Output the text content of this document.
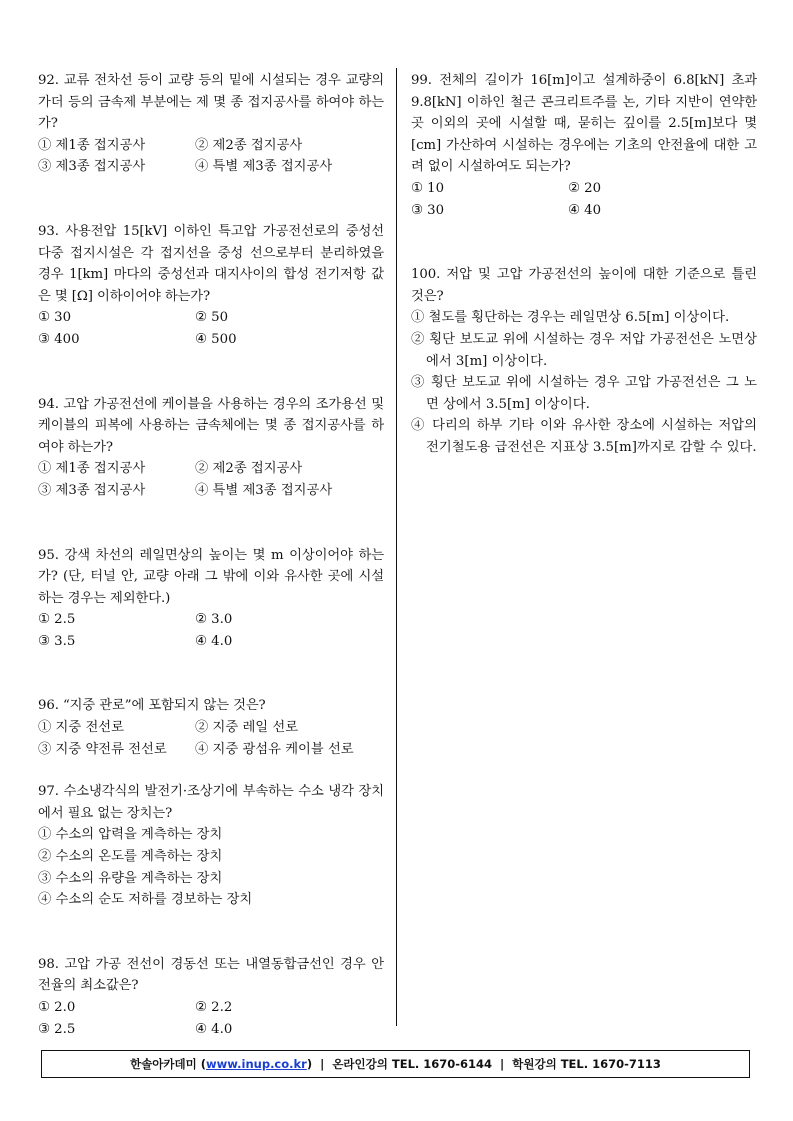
92. 교류 전차선 등이 교량 등의 밑에 시설되는 경우 교량의 가더 등의 금속제 부분에는 제 몇 종 접지공사를 하여야 하는가?

① 제1종 접지공사	② 제2종 접지공사
③ 제3종 접지공사	④ 특별 제3종 접지공사

93. 사용전압 15[kV] 이하인 특고압 가공전선로의 중성선 다중 접지시설은 각 접지선을 중성 선으로부터 분리하였을 경우 1[km] 마다의 중성선과 대지사이의 합성 전기저항 값은 몇 [Ω] 이하이어야 하는가?

① 30	② 50
③ 400	④ 500

94. 고압 가공전선에 케이블을 사용하는 경우의 조가용선 및 케이블의 피복에 사용하는 금속체에는 몇 종 접지공사를 하여야 하는가?

① 제1종 접지공사	② 제2종 접지공사
③ 제3종 접지공사	④ 특별 제3종 접지공사

95. 강색 차선의 레일면상의 높이는 몇 m 이상이어야 하는가? (단, 터널 안, 교량 아래 그 밖에 이와 유사한 곳에 시설하는 경우는 제외한다.)

① 2.5	② 3.0
③ 3.5	④ 4.0

96. “지중 관로”에 포함되지 않는 것은?

① 지중 전선로	② 지중 레일 선로
③ 지중 약전류 전선로	④ 지중 광섬유 케이블 선로

97. 수소냉각식의 발전기·조상기에 부속하는 수소 냉각 장치에서 필요 없는 장치는?

① 수소의 압력을 계측하는 장치
② 수소의 온도를 계측하는 장치
③ 수소의 유량을 계측하는 장치
④ 수소의 순도 저하를 경보하는 장치

98. 고압 가공 전선이 경동선 또는 내열동합금선인 경우 안전율의 최소값은?

① 2.0	② 2.2
③ 2.5	④ 4.0

99. 전체의 길이가 16[m]이고 설계하중이 6.8[kN] 초과 9.8[kN] 이하인 철근 콘크리트주를 논, 기타 지반이 연약한 곳 이외의 곳에 시설할 때, 묻히는 깊이를 2.5[m]보다 몇 [cm] 가산하여 시설하는 경우에는 기초의 안전율에 대한 고려 없이 시설하여도 되는가?

① 10	② 20
③ 30	④ 40

100. 저압 및 고압 가공전선의 높이에 대한 기준으로 틀린 것은?

① 철도를 횡단하는 경우는 레일면상 6.5[m] 이상이다.

② 횡단 보도교 위에 시설하는 경우 저압 가공전선은 노면상에서 3[m] 이상이다.

③ 횡단 보도교 위에 시설하는 경우 고압 가공전선은 그 노면 상에서 3.5[m] 이상이다.

④ 다리의 하부 기타 이와 유사한 장소에 시설하는 저압의 전기철도용 급전선은 지표상 3.5[m]까지로 감할 수 있다.

한솔아카데미 ( www.inup.co.kr )  |  온라인강의 TEL. 1670-6144  |  학원강의 TEL. 1670-7113
